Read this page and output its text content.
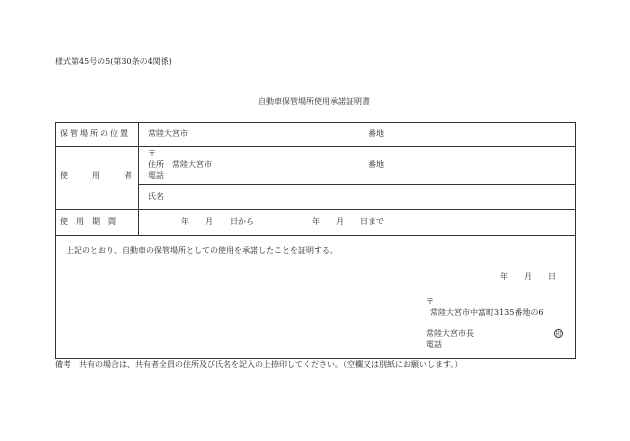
様式第45号の5(第30条の4関係)
自動車保管場所使用承諾証明書
保管場所の位置 常陸大宮市	番地
使　　　用　　　者
〒
住所 常陸大宮市	番地
電話
氏名
使　用　期　間	年 月 日から	年 月 日まで
上記のとおり、自動車の保管場所としての使用を承諾したことを証明する。
年 月 日
〒
常陸大宮市中富町3135番地の6
常陸大宮市長	印
電話
備考　共有の場合は、共有者全員の住所及び氏名を記入の上捺印してください。（空欄又は別紙にお願いします。）
